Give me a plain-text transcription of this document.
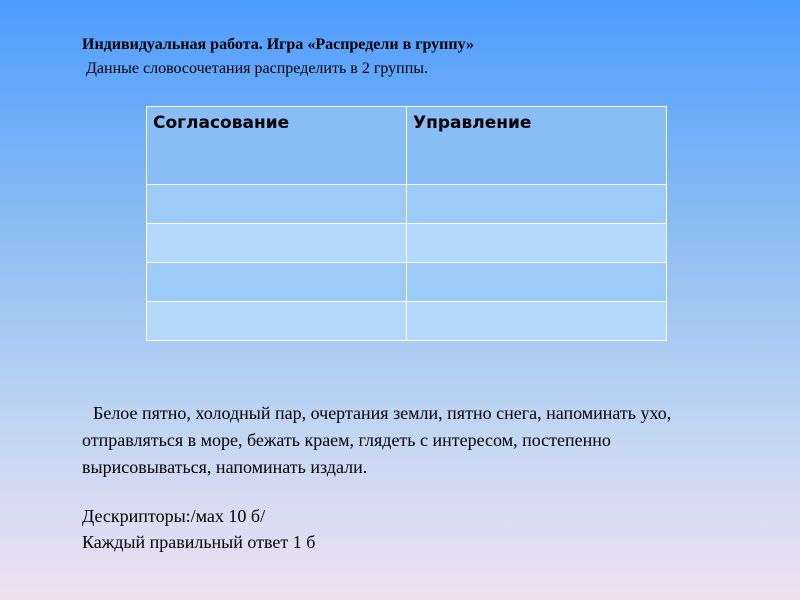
Индивидуальная работа. Игра «Распредели в группу»
Данные словосочетания распределить в 2 группы.
Согласование	Управление

Белое пятно, холодный пар, очертания земли, пятно снега, напоминать ухо, отправляться в море, бежать краем, глядеть с интересом, постепенно вырисовываться, напоминать издали.
Дескрипторы:/мах 10 б/
Каждый правильный ответ 1 б
